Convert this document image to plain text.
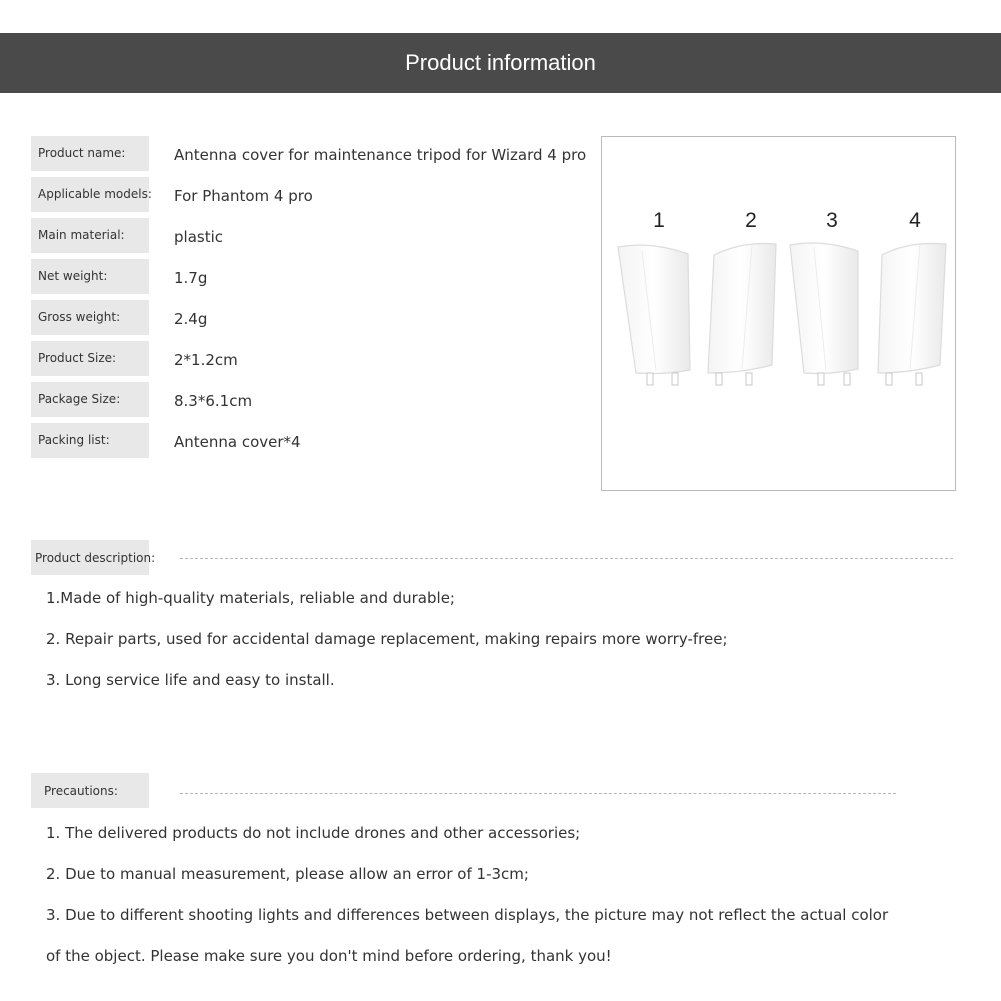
Product information
Product name:	Antenna cover for maintenance tripod for Wizard 4 pro
Applicable models: For Phantom 4 pro
Main material:	plastic
Net weight:	1.7g
Gross weight:	2.4g
Product Size:	2*1.2cm
Package Size:	8.3*6.1cm
Packing list:	Antenna cover*4
1	2	3	4
Product description:
1.Made of high-quality materials, reliable and durable;
2. Repair parts, used for accidental damage replacement, making repairs more worry-free;
3. Long service life and easy to install.
Precautions:
1. The delivered products do not include drones and other accessories;
2. Due to manual measurement, please allow an error of 1-3cm;
3. Due to different shooting lights and differences between displays, the picture may not reflect the actual color
of the object. Please make sure you don't mind before ordering, thank you!
